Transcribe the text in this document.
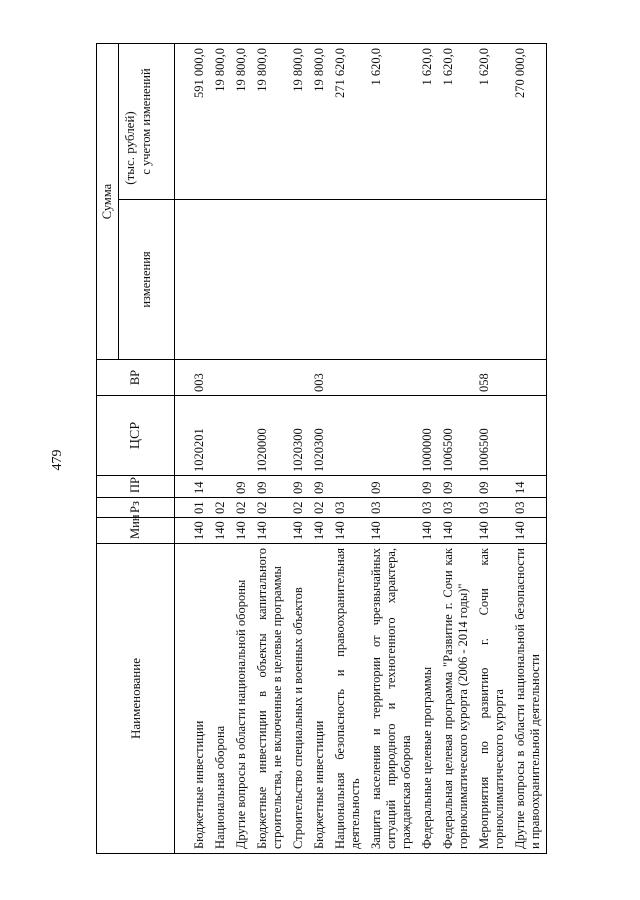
479
(тыс. рублей)
Наименование	Мин	Рз	ПР	ЦСР	ВР	Сумма	
						изменения	с учетом изменений

Бюджетные инвестиции	140	01	14	1020201	003		591 000,0
Национальная оборона	140	02					19 800,0
Другие вопросы в области национальной обороны	140	02	09				19 800,0
Бюджетные инвестиции в объекты капитального строительства, не включенные в целевые программы	140	02	09	1020000			19 800,0
Строительство специальных и военных объектов	140	02	09	1020300			19 800,0
Бюджетные инвестиции	140	02	09	1020300	003		19 800,0
Национальная безопасность и правоохранительная деятельность	140	03					271 620,0
Защита населения и территории от чрезвычайных ситуаций природного и техногенного характера, гражданская оборона	140	03	09				1 620,0
Федеральные целевые программы	140	03	09	1000000			1 620,0
Федеральная целевая программа "Развитие г. Сочи как горноклиматического курорта (2006 - 2014 годы)"	140	03	09	1006500			1 620,0
Мероприятия по развитию г. Сочи как горноклиматического курорта	140	03	09	1006500	058		1 620,0
Другие вопросы в области национальной безопасности и правоохранительной деятельности	140	03	14				270 000,0
